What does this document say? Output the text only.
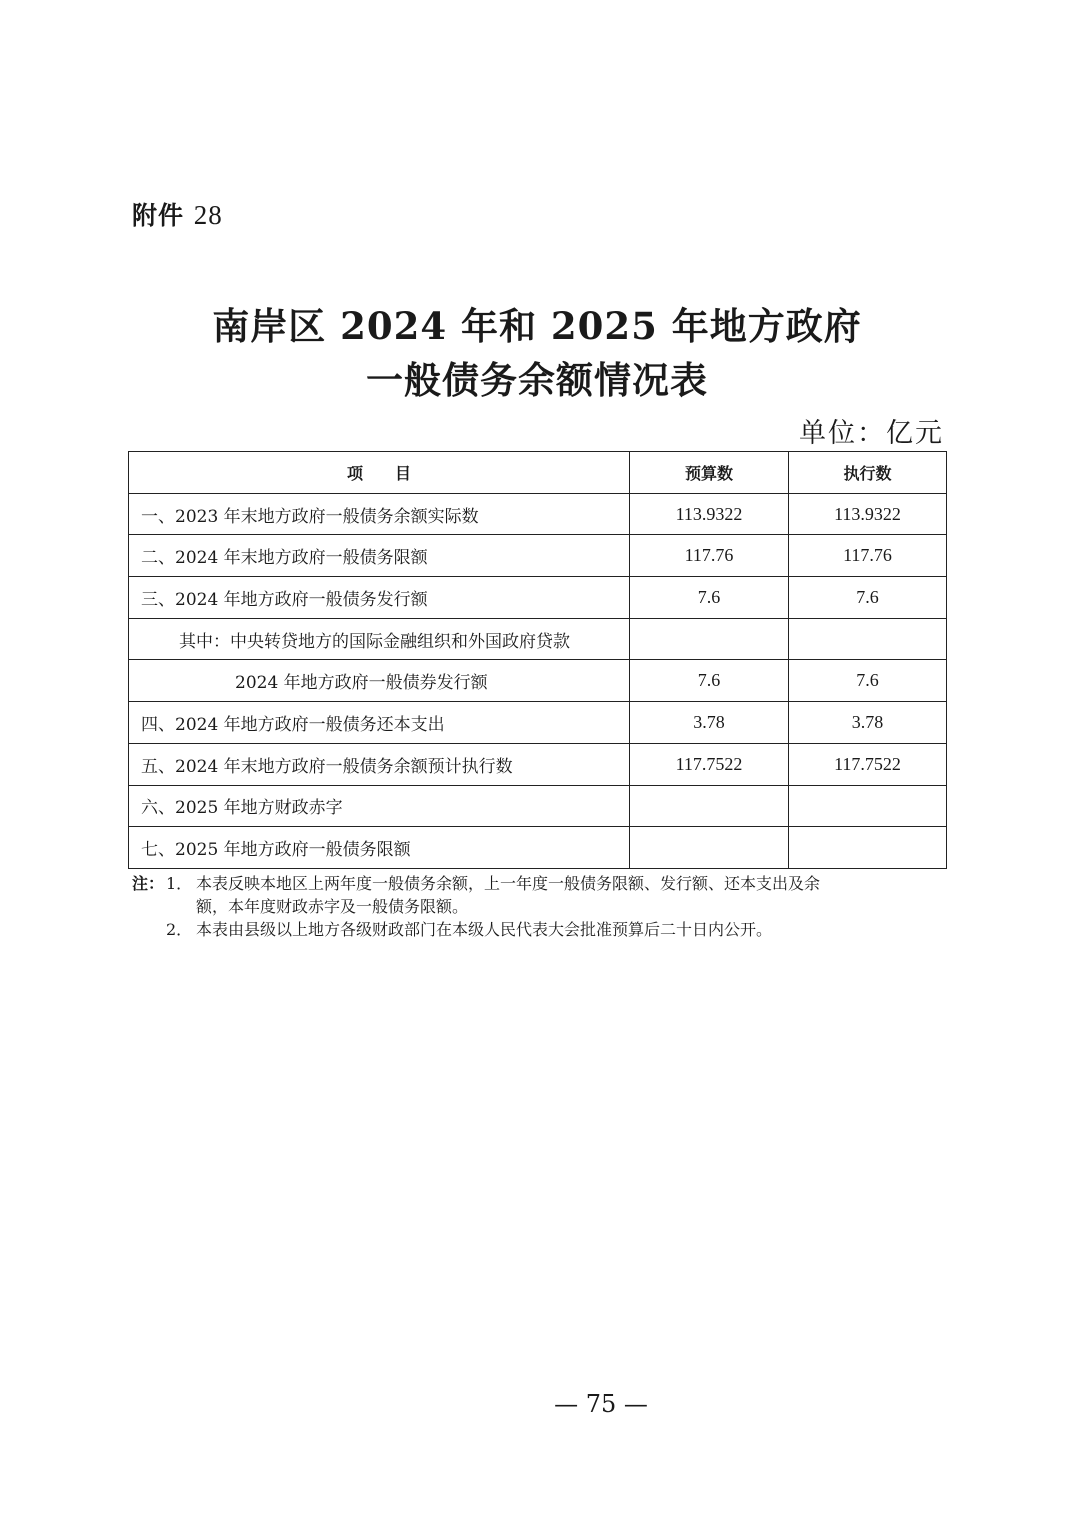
附件 28
南岸区 2024 年和 2025 年地方政府
一般债务余额情况表
单位：亿元
项　　目	预算数	执行数
一、2023 年末地方政府一般债务余额实际数	113.9322	113.9322
二、2024 年末地方政府一般债务限额	117.76	117.76
三、2024 年地方政府一般债务发行额	7.6	7.6
其中：中央转贷地方的国际金融组织和外国政府贷款		
2024 年地方政府一般债券发行额	7.6	7.6
四、2024 年地方政府一般债务还本支出	3.78	3.78
五、2024 年末地方政府一般债务余额预计执行数	117.7522	117.7522
六、2025 年地方财政赤字		
七、2025 年地方政府一般债务限额		
注： 1． 本表反映本地区上两年度一般债务余额，上一年度一般债务限额、发行额、还本支出及余
额，本年度财政赤字及一般债务限额。
2． 本表由县级以上地方各级财政部门在本级人民代表大会批准预算后二十日内公开。
— 75 —
